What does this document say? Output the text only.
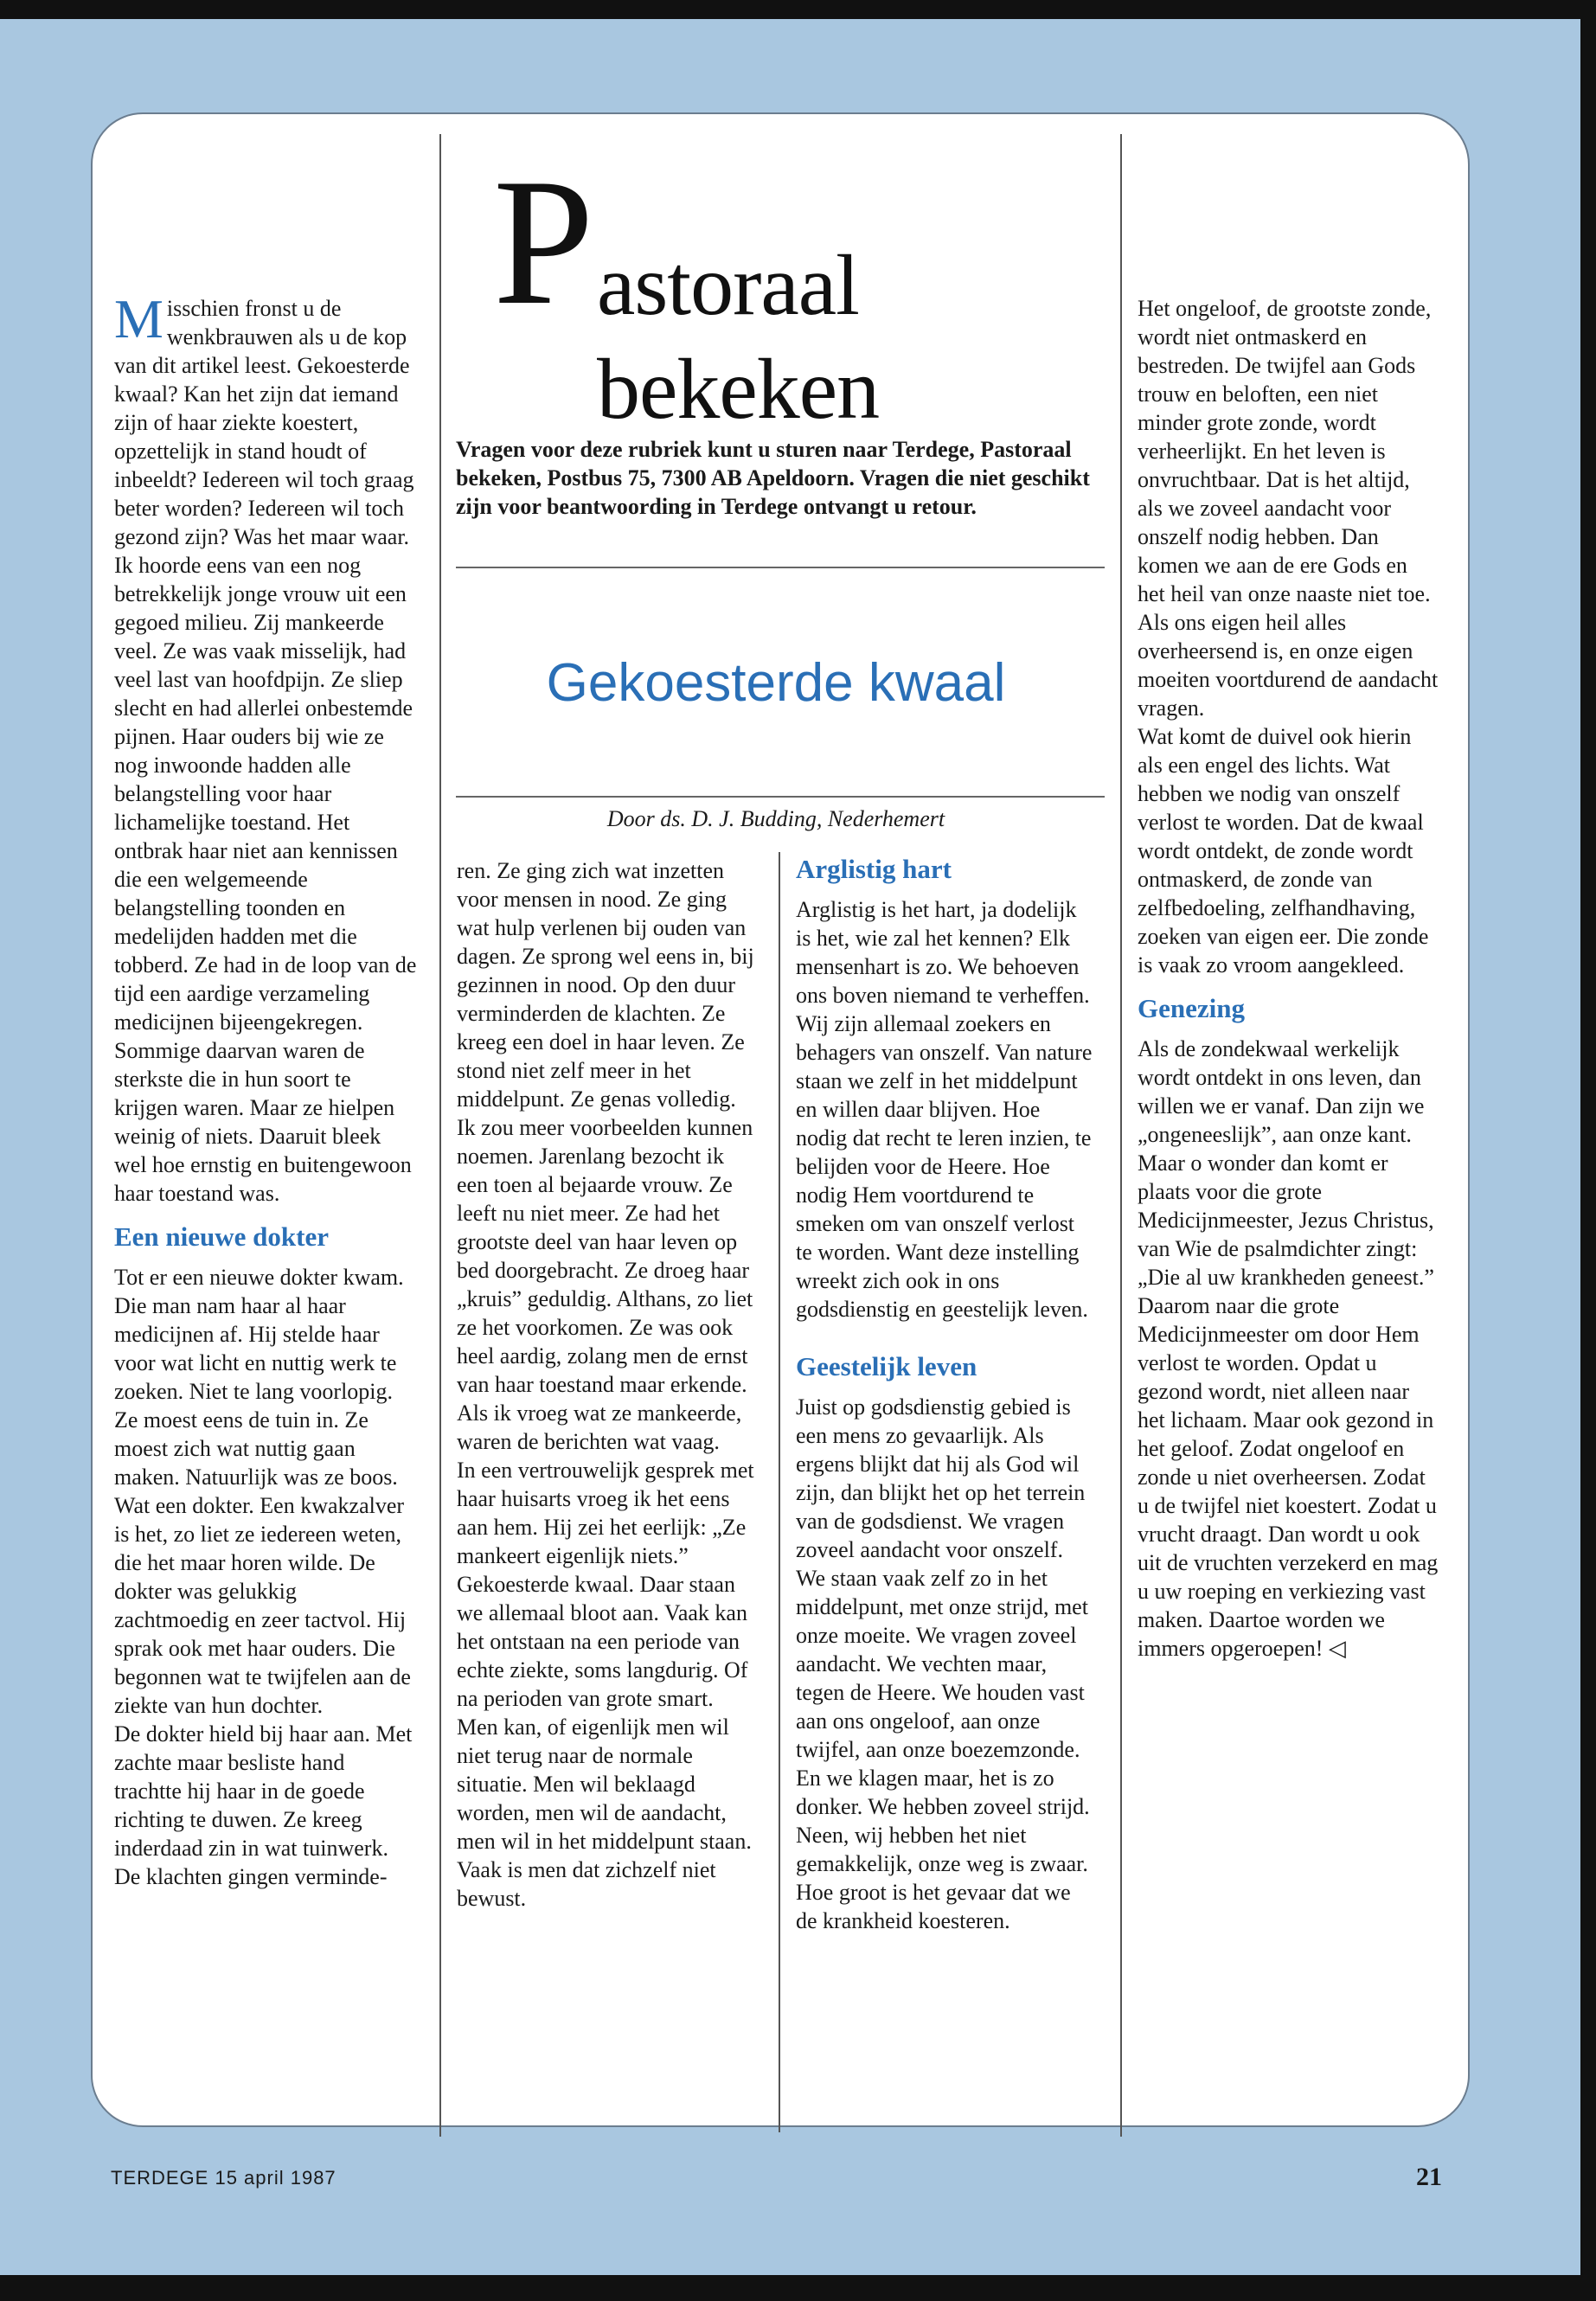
Misschien fronst u de wenkbrauwen als u de kop van dit artikel leest. Gekoesterde kwaal? Kan het zijn dat iemand zijn of haar ziekte koestert, opzettelijk in stand houdt of inbeeldt? Iedereen wil toch graag beter worden? Iedereen wil toch gezond zijn? Was het maar waar.

Ik hoorde eens van een nog betrekkelijk jonge vrouw uit een gegoed milieu. Zij mankeerde veel. Ze was vaak misselijk, had veel last van hoofdpijn. Ze sliep slecht en had allerlei onbestemde pijnen. Haar ouders bij wie ze nog inwoonde hadden alle belangstelling voor haar lichamelijke toestand. Het ontbrak haar niet aan kennissen die een welgemeende belangstelling toonden en medelijden hadden met die tobberd. Ze had in de loop van de tijd een aardige verzameling medicijnen bijeengekregen. Sommige daarvan waren de sterkste die in hun soort te krijgen waren. Maar ze hielpen weinig of niets. Daaruit bleek wel hoe ernstig en buitengewoon haar toestand was.

Een nieuwe dokter

Tot er een nieuwe dokter kwam. Die man nam haar al haar medicijnen af. Hij stelde haar voor wat licht en nuttig werk te zoeken. Niet te lang voorlopig. Ze moest eens de tuin in. Ze moest zich wat nuttig gaan maken. Natuurlijk was ze boos. Wat een dokter. Een kwakzalver is het, zo liet ze iedereen weten, die het maar horen wilde. De dokter was gelukkig zachtmoedig en zeer tactvol. Hij sprak ook met haar ouders. Die begonnen wat te twijfelen aan de ziekte van hun dochter.

De dokter hield bij haar aan. Met zachte maar besliste hand trachtte hij haar in de goede richting te duwen. Ze kreeg inderdaad zin in wat tuinwerk. De klachten gingen verminde-

P astoraal bekeken
Vragen voor deze rubriek kunt u sturen naar Terdege, Pastoraal bekeken, Postbus 75, 7300 AB Apeldoorn. Vragen die niet geschikt zijn voor beantwoording in Terdege ontvangt u retour.
Gekoesterde kwaal
Door ds. D. J. Budding, Nederhemert

ren. Ze ging zich wat inzetten voor mensen in nood. Ze ging wat hulp verlenen bij ouden van dagen. Ze sprong wel eens in, bij gezinnen in nood. Op den duur verminderden de klachten. Ze kreeg een doel in haar leven. Ze stond niet zelf meer in het middelpunt. Ze genas volledig.

Ik zou meer voorbeelden kunnen noemen. Jarenlang bezocht ik een toen al bejaarde vrouw. Ze leeft nu niet meer. Ze had het grootste deel van haar leven op bed doorgebracht. Ze droeg haar „kruis” geduldig. Althans, zo liet ze het voorkomen. Ze was ook heel aardig, zolang men de ernst van haar toestand maar erkende. Als ik vroeg wat ze mankeerde, waren de berichten wat vaag.

In een vertrouwelijk gesprek met haar huisarts vroeg ik het eens aan hem. Hij zei het eerlijk: „Ze mankeert eigenlijk niets.” Gekoesterde kwaal. Daar staan we allemaal bloot aan. Vaak kan het ontstaan na een periode van echte ziekte, soms langdurig. Of na perioden van grote smart. Men kan, of eigenlijk men wil niet terug naar de normale situatie. Men wil beklaagd worden, men wil de aandacht, men wil in het middelpunt staan. Vaak is men dat zichzelf niet bewust.

Arglistig hart

Arglistig is het hart, ja dodelijk is het, wie zal het kennen? Elk mensenhart is zo. We behoeven ons boven niemand te verheffen. Wij zijn allemaal zoekers en behagers van onszelf. Van nature staan we zelf in het middelpunt en willen daar blijven. Hoe nodig dat recht te leren inzien, te belijden voor de Heere. Hoe nodig Hem voortdurend te smeken om van onszelf verlost te worden. Want deze instelling wreekt zich ook in ons godsdienstig en geestelijk leven.

Geestelijk leven

Juist op godsdienstig gebied is een mens zo gevaarlijk. Als ergens blijkt dat hij als God wil zijn, dan blijkt het op het terrein van de godsdienst. We vragen zoveel aandacht voor onszelf. We staan vaak zelf zo in het middelpunt, met onze strijd, met onze moeite. We vragen zoveel aandacht. We vechten maar, tegen de Heere. We houden vast aan ons ongeloof, aan onze twijfel, aan onze boezemzonde. En we klagen maar, het is zo donker. We hebben zoveel strijd. Neen, wij hebben het niet gemakkelijk, onze weg is zwaar. Hoe groot is het gevaar dat we de krankheid koesteren.

Het ongeloof, de grootste zonde, wordt niet ontmaskerd en bestreden. De twijfel aan Gods trouw en beloften, een niet minder grote zonde, wordt verheerlijkt. En het leven is onvruchtbaar. Dat is het altijd, als we zoveel aandacht voor onszelf nodig hebben. Dan komen we aan de ere Gods en het heil van onze naaste niet toe. Als ons eigen heil alles overheersend is, en onze eigen moeiten voortdurend de aandacht vragen.

Wat komt de duivel ook hierin als een engel des lichts. Wat hebben we nodig van onszelf verlost te worden. Dat de kwaal wordt ontdekt, de zonde wordt ontmaskerd, de zonde van zelfbedoeling, zelfhandhaving, zoeken van eigen eer. Die zonde is vaak zo vroom aangekleed.

Genezing

Als de zondekwaal werkelijk wordt ontdekt in ons leven, dan willen we er vanaf. Dan zijn we „ongeneeslijk”, aan onze kant. Maar o wonder dan komt er plaats voor die grote Medicijnmeester, Jezus Christus, van Wie de psalmdichter zingt: „Die al uw krankheden geneest.” Daarom naar die grote Medicijnmeester om door Hem verlost te worden. Opdat u gezond wordt, niet alleen naar het lichaam. Maar ook gezond in het geloof. Zodat ongeloof en zonde u niet overheersen. Zodat u de twijfel niet koestert. Zodat u vrucht draagt. Dan wordt u ook uit de vruchten verzekerd en mag u uw roeping en verkiezing vast maken. Daartoe worden we immers opgeroepen! ◁

TERDEGE 15 april 1987	21
